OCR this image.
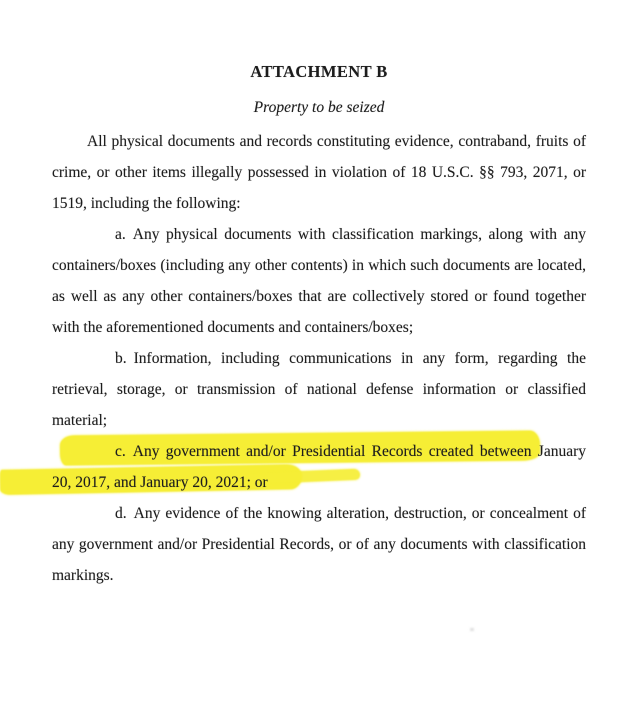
ATTACHMENT B

Property to be seized

All physical documents and records constituting evidence, contraband, fruits of crime, or other items illegally possessed in violation of 18 U.S.C. §§ 793, 2071, or 1519, including the following:

a. Any physical documents with classification markings, along with any containers/boxes (including any other contents) in which such documents are located, as well as any other containers/boxes that are collectively stored or found together with the aforementioned documents and containers/boxes;

b. Information, including communications in any form, regarding the retrieval, storage, or transmission of national defense information or classified material;

c. Any government and/or Presidential Records created between January 20, 2017, and January 20, 2021; or

d. Any evidence of the knowing alteration, destruction, or concealment of any government and/or Presidential Records, or of any documents with classification markings.
